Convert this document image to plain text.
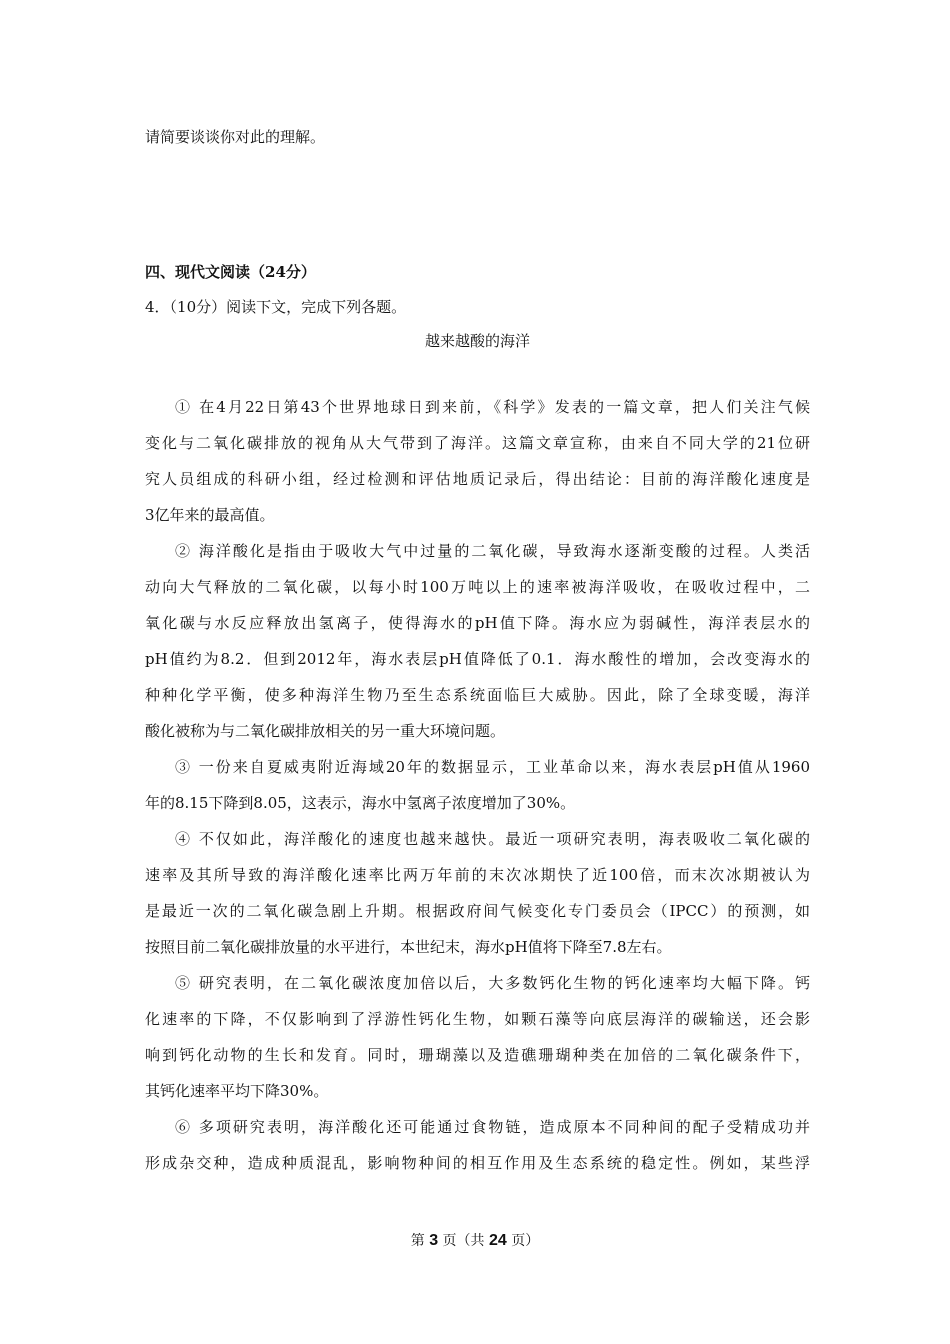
请简要谈谈你对此的理解。
四、现代文阅读（24分）
4．（10分）阅读下文，完成下列各题。
越来越酸的海洋
① 在4月22日第43个世界地球日到来前，《科学》发表的一篇文章，把人们关注气候
变化与二氧化碳排放的视角从大气带到了海洋。这篇文章宣称，由来自不同大学的21位研
究人员组成的科研小组，经过检测和评估地质记录后，得出结论：目前的海洋酸化速度是
3亿年来的最高值。
② 海洋酸化是指由于吸收大气中过量的二氧化碳，导致海水逐渐变酸的过程。人类活
动向大气释放的二氧化碳，以每小时100万吨以上的速率被海洋吸收，在吸收过程中，二
氧化碳与水反应释放出氢离子，使得海水的pH值下降。海水应为弱碱性，海洋表层水的
pH值约为8.2．但到2012年，海水表层pH值降低了0.1．海水酸性的增加，会改变海水的
种种化学平衡，使多种海洋生物乃至生态系统面临巨大威胁。因此，除了全球变暖，海洋
酸化被称为与二氧化碳排放相关的另一重大环境问题。
③ 一份来自夏威夷附近海域20年的数据显示，工业革命以来，海水表层pH值从1960
年的8.15下降到8.05，这表示，海水中氢离子浓度增加了30%。
④ 不仅如此，海洋酸化的速度也越来越快。最近一项研究表明，海表吸收二氧化碳的
速率及其所导致的海洋酸化速率比两万年前的末次冰期快了近100倍，而末次冰期被认为
是最近一次的二氧化碳急剧上升期。根据政府间气候变化专门委员会（IPCC）的预测，如
按照目前二氧化碳排放量的水平进行，本世纪末，海水pH值将下降至7.8左右。
⑤ 研究表明，在二氧化碳浓度加倍以后，大多数钙化生物的钙化速率均大幅下降。钙
化速率的下降，不仅影响到了浮游性钙化生物，如颗石藻等向底层海洋的碳输送，还会影
响到钙化动物的生长和发育。同时，珊瑚藻以及造礁珊瑚种类在加倍的二氧化碳条件下，
其钙化速率平均下降30%。
⑥ 多项研究表明，海洋酸化还可能通过食物链，造成原本不同种间的配子受精成功并
形成杂交种，造成种质混乱，影响物种间的相互作用及生态系统的稳定性。例如，某些浮
第 3 页（共 24 页）
